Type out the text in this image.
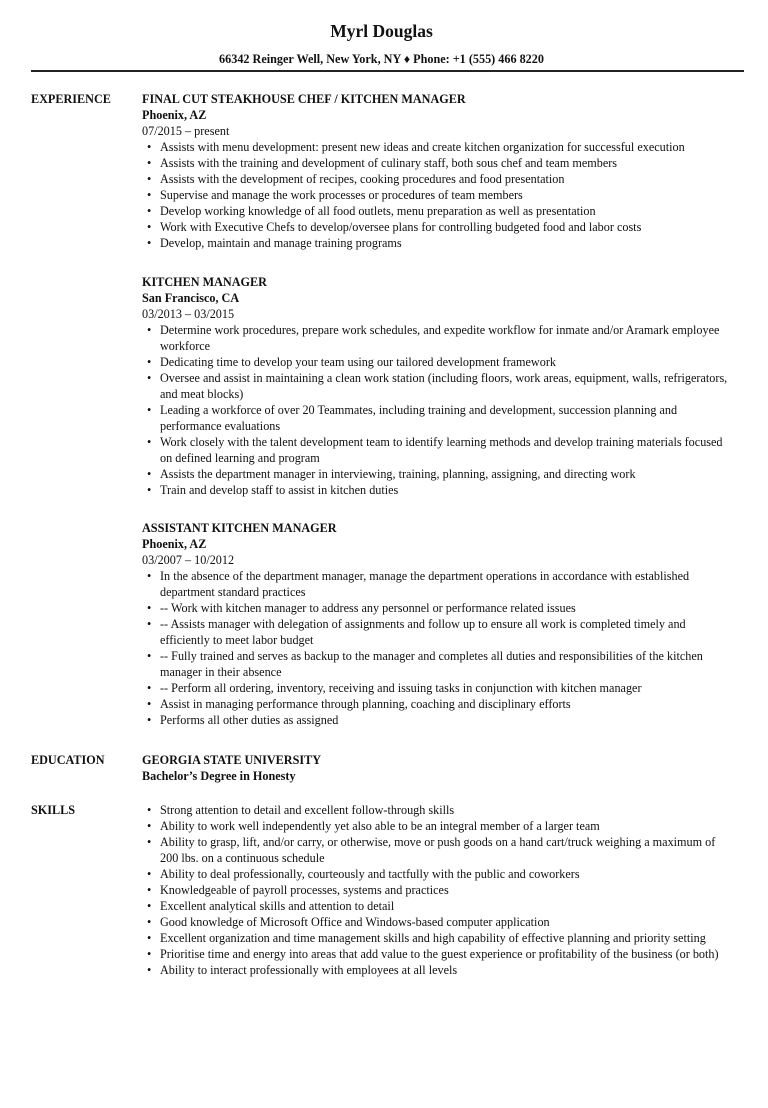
Myrl Douglas
66342 Reinger Well, New York, NY ♦ Phone: +1 (555) 466 8220
EXPERIENCE	FINAL CUT STEAKHOUSE CHEF / KITCHEN MANAGER
Phoenix, AZ
07/2015 – present
• Assists with menu development: present new ideas and create kitchen organization for successful execution
• Assists with the training and development of culinary staff, both sous chef and team members
• Assists with the development of recipes, cooking procedures and food presentation
• Supervise and manage the work processes or procedures of team members
• Develop working knowledge of all food outlets, menu preparation as well as presentation
• Work with Executive Chefs to develop/oversee plans for controlling budgeted food and labor costs
• Develop, maintain and manage training programs
KITCHEN MANAGER
San Francisco, CA
03/2013 – 03/2015
• Determine work procedures, prepare work schedules, and expedite workflow for inmate and/or Aramark employee workforce
• Dedicating time to develop your team using our tailored development framework
• Oversee and assist in maintaining a clean work station (including floors, work areas, equipment, walls, refrigerators, and meat blocks)
• Leading a workforce of over 20 Teammates, including training and development, succession planning and performance evaluations
• Work closely with the talent development team to identify learning methods and develop training materials focused on defined learning and program
• Assists the department manager in interviewing, training, planning, assigning, and directing work
• Train and develop staff to assist in kitchen duties
ASSISTANT KITCHEN MANAGER
Phoenix, AZ
03/2007 – 10/2012
• In the absence of the department manager, manage the department operations in accordance with established department standard practices
• -- Work with kitchen manager to address any personnel or performance related issues
• -- Assists manager with delegation of assignments and follow up to ensure all work is completed timely and efficiently to meet labor budget
• -- Fully trained and serves as backup to the manager and completes all duties and responsibilities of the kitchen manager in their absence
• -- Perform all ordering, inventory, receiving and issuing tasks in conjunction with kitchen manager
• Assist in managing performance through planning, coaching and disciplinary efforts
• Performs all other duties as assigned
EDUCATION	GEORGIA STATE UNIVERSITY
Bachelor’s Degree in Honesty
SKILLS
•	Strong attention to detail and excellent follow-through skills
• Ability to work well independently yet also able to be an integral member of a larger team
• Ability to grasp, lift, and/or carry, or otherwise, move or push goods on a hand cart/truck weighing a maximum of 200 lbs. on a continuous schedule
• Ability to deal professionally, courteously and tactfully with the public and coworkers
• Knowledgeable of payroll processes, systems and practices
• Excellent analytical skills and attention to detail
• Good knowledge of Microsoft Office and Windows-based computer application
• Excellent organization and time management skills and high capability of effective planning and priority setting
• Prioritise time and energy into areas that add value to the guest experience or profitability of the business (or both)
• Ability to interact professionally with employees at all levels
